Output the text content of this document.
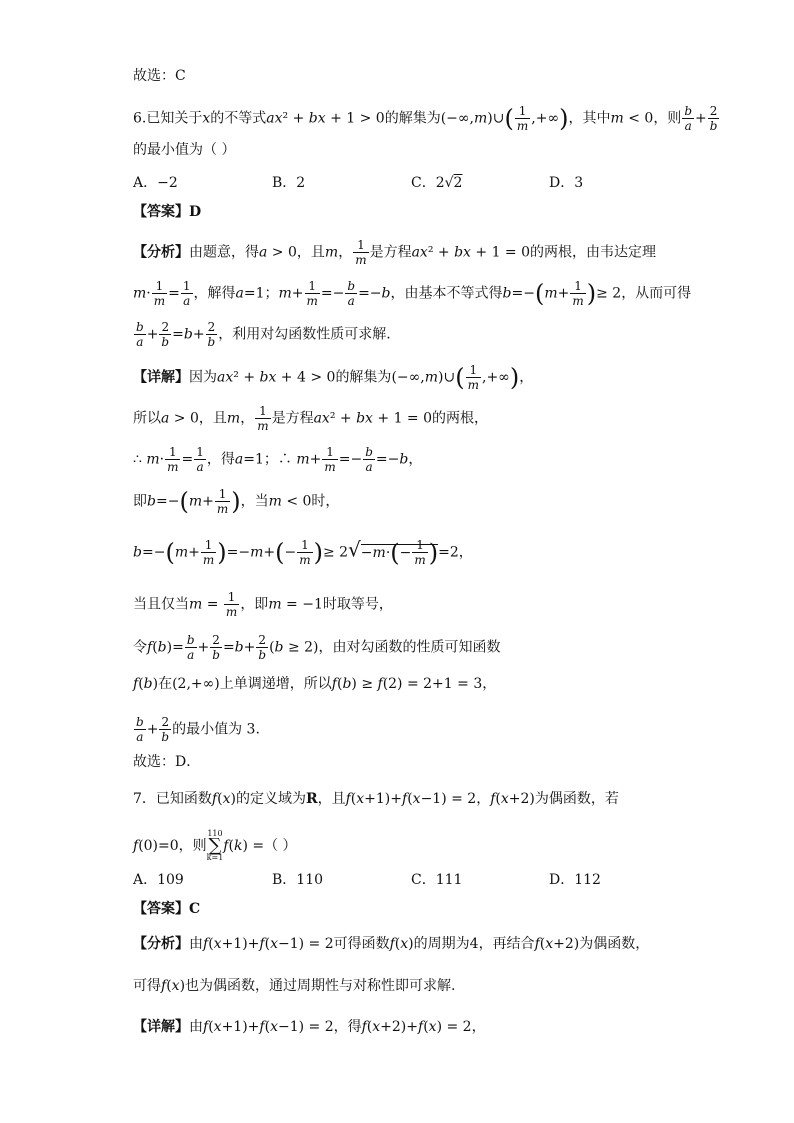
故选：C
6.已知关于x的不等式ax² + bx + 1 > 0的解集为(−∞,m)∪( $\frac{1}{m}$ ,+∞)，其中m < 0，则 $\frac{b}{a} + \frac{2}{b}$
的最小值为（ ）
A．−2	B．2	C．2√2	D．3
【答案】D
【分析】由题意，得a > 0，且m， $\frac{1}{m}$ 是方程ax² + bx + 1 = 0的两根，由韦达定理
$m\cdot \frac{1}{m} = \frac{1}{a}$ ，解得a=1；$m+ \frac{1}{m} =- \frac{b}{a} =-b$，由基本不等式得$b=-(m+ \frac{1}{m}$ )≥ 2，从而可得
$\frac{b}{a} + \frac{2}{b} =b+ \frac{2}{b}$ ，利用对勾函数性质可求解.
【详解】因为ax² + bx + 4 > 0的解集为(−∞,m)∪( $\frac{1}{m}$ ,+∞)，
所以a > 0，且m， $\frac{1}{m}$ 是方程ax² + bx + 1 = 0的两根，
∴ $m\cdot \frac{1}{m} = \frac{1}{a}$ ，得a=1；∴ $m+ \frac{1}{m} =- \frac{b}{a} =-b$，
即$b=-(m+ \frac{1}{m}$ )，当m < 0时，
$b=-(m+ \frac{1}{m} )=-m+(- \frac{1}{m}$ )≥ $2√-m\cdot(- \frac{1}{m} )=2$，
当且仅当$m = \frac{1}{m}$ ，即m = −1时取等号，
令$f(b)= \frac{b}{a} + \frac{2}{b} =b+ \frac{2}{b} (b \ge 2)$，由对勾函数的性质可知函数
f(b)在(2,+∞)上单调递增，所以f(b) ≥ f(2) = 2+1 = 3，
$\frac{b}{a} + \frac{2}{b}$ 的最小值为 3.
故选：D．
7．已知函数f(x)的定义域为R，且f(x+1)+f(x−1) = 2，f(x+2)为偶函数，若
f(0)=0，则110
∑
k=1f(k) =（ ）
A．109	B．110	C．111	D．112
【答案】C
【分析】由f(x+1)+f(x−1) = 2可得函数f(x)的周期为4，再结合f(x+2)为偶函数，
可得f(x)也为偶函数，通过周期性与对称性即可求解.
【详解】由f(x+1)+f(x−1) = 2，得f(x+2)+f(x) = 2，
